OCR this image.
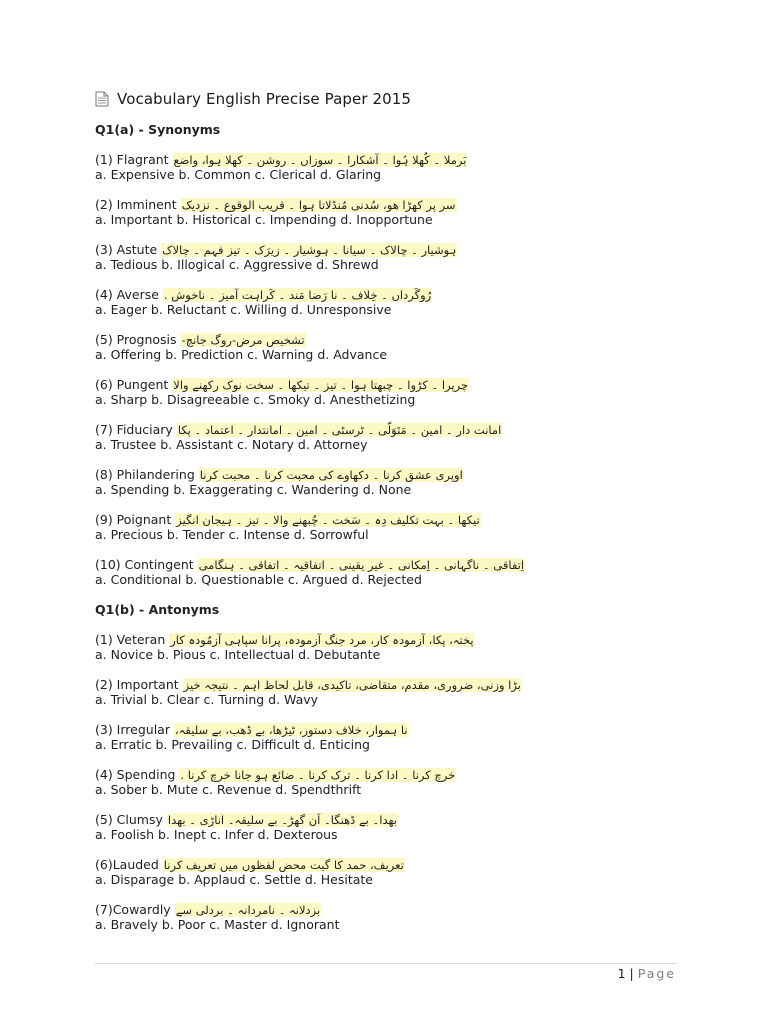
Vocabulary English Precise Paper 2015
Q1(a) - Synonyms
(1) Flagrant بَرملا ۔ کُھلا ہُوا ۔ آشکارا ۔ سوزاں ۔ روشن ۔ کھلا ہوا، واضع
a. Expensive b. Common c. Clerical d. Glaring
(2) Imminent سر پر کھڑا ھو، سُدنی مُنڈلاتا ہوا ۔ قریب الوقوع ۔ نزدیک
a. Important b. Historical c. Impending d. Inopportune
(3) Astute ہوشیار ۔ چالاک ۔ سیانا ۔ ہوشیار ۔ زیرَک ۔ تیز فہم ۔ چالاک
a. Tedious b. Illogical c. Aggressive d. Shrewd
(4) Averse رُوگَرداں ۔ خِلاف ۔ نا رَضا مَند ۔ کَراہت آمیز ۔ ناخوش .
a. Eager b. Reluctant c. Willing d. Unresponsive
(5) Prognosis تشخیص مرض-روگ جانچ-
a. Offering b. Prediction c. Warning d. Advance
(6) Pungent چرپرا ۔ کڑوا ۔ چبھتا ہوا ۔ تیز ۔ تیکھا ۔ سخت نوک رکھنے والا
a. Sharp b. Disagreeable c. Smoky d. Anesthetizing
(7) Fiduciary امانت دار ۔ امین ۔ مَتَوَلّی ۔ ٹرسٹی ۔ امین ۔ امانتدار ۔ اعتماد ۔ پکا
a. Trustee b. Assistant c. Notary d. Attorney
(8) Philandering اوپری عشق کرنا ۔ دکھاوے کی محبت کرنا ۔ محبت کرنا
a. Spending b. Exaggerating c. Wandering d. None
(9) Poignant تیکھا ۔ بہت تکلیف دِہ ۔ سَخت ۔ چُبھنے والا ۔ تیز ۔ ہیجان انگیز
a. Precious b. Tender c. Intense d. Sorrowful
(10) Contingent اِتفاقی ۔ ناگہانی ۔ اِمکانی ۔ غیر یقینی ۔ اتفاقیہ ۔ اتفاقی ۔ ہنگامی
a. Conditional b. Questionable c. Argued d. Rejected
Q1(b) - Antonyms
(1) Veteran پختہ، پکا، آزمودہ کار، مرد جنگ آزمودہ، پرانا سپاہی آزمُودہ کار
a. Novice b. Pious c. Intellectual d. Debutante
(2) Important بڑا وزنی، ضروری، مقدم، متقاضی، تاکیدی، قابل لحاظ اہم ۔ نتیجہ خیز
a. Trivial b. Clear c. Turning d. Wavy
(3) Irregular نا ہموار، خلاف دستور، ٹیڑھا، بے ڈھب، بے سلیقہ،
a. Erratic b. Prevailing c. Difficult d. Enticing
(4) Spending خرچ کرنا ۔ ادا کرنا ۔ ترک کرنا ۔ ضائع ہو جانا خرچ کرنا .
a. Sober b. Mute c. Revenue d. Spendthrift
(5) Clumsy بھدا۔ بے ڈھنگا۔ اَن گھڑ۔ بے سلیقہ۔ اناڑی ۔ بھدا
a. Foolish b. Inept c. Infer d. Dexterous
(6)Lauded تعریف، حمد کا گیت محض لفظوں میں تعریف کرنا
a. Disparage b. Applaud c. Settle d. Hesitate
(7)Cowardly بزدلانہ ۔ نامردانہ ۔ بردلی سے
a. Bravely b. Poor c. Master d. Ignorant
1 | Page
